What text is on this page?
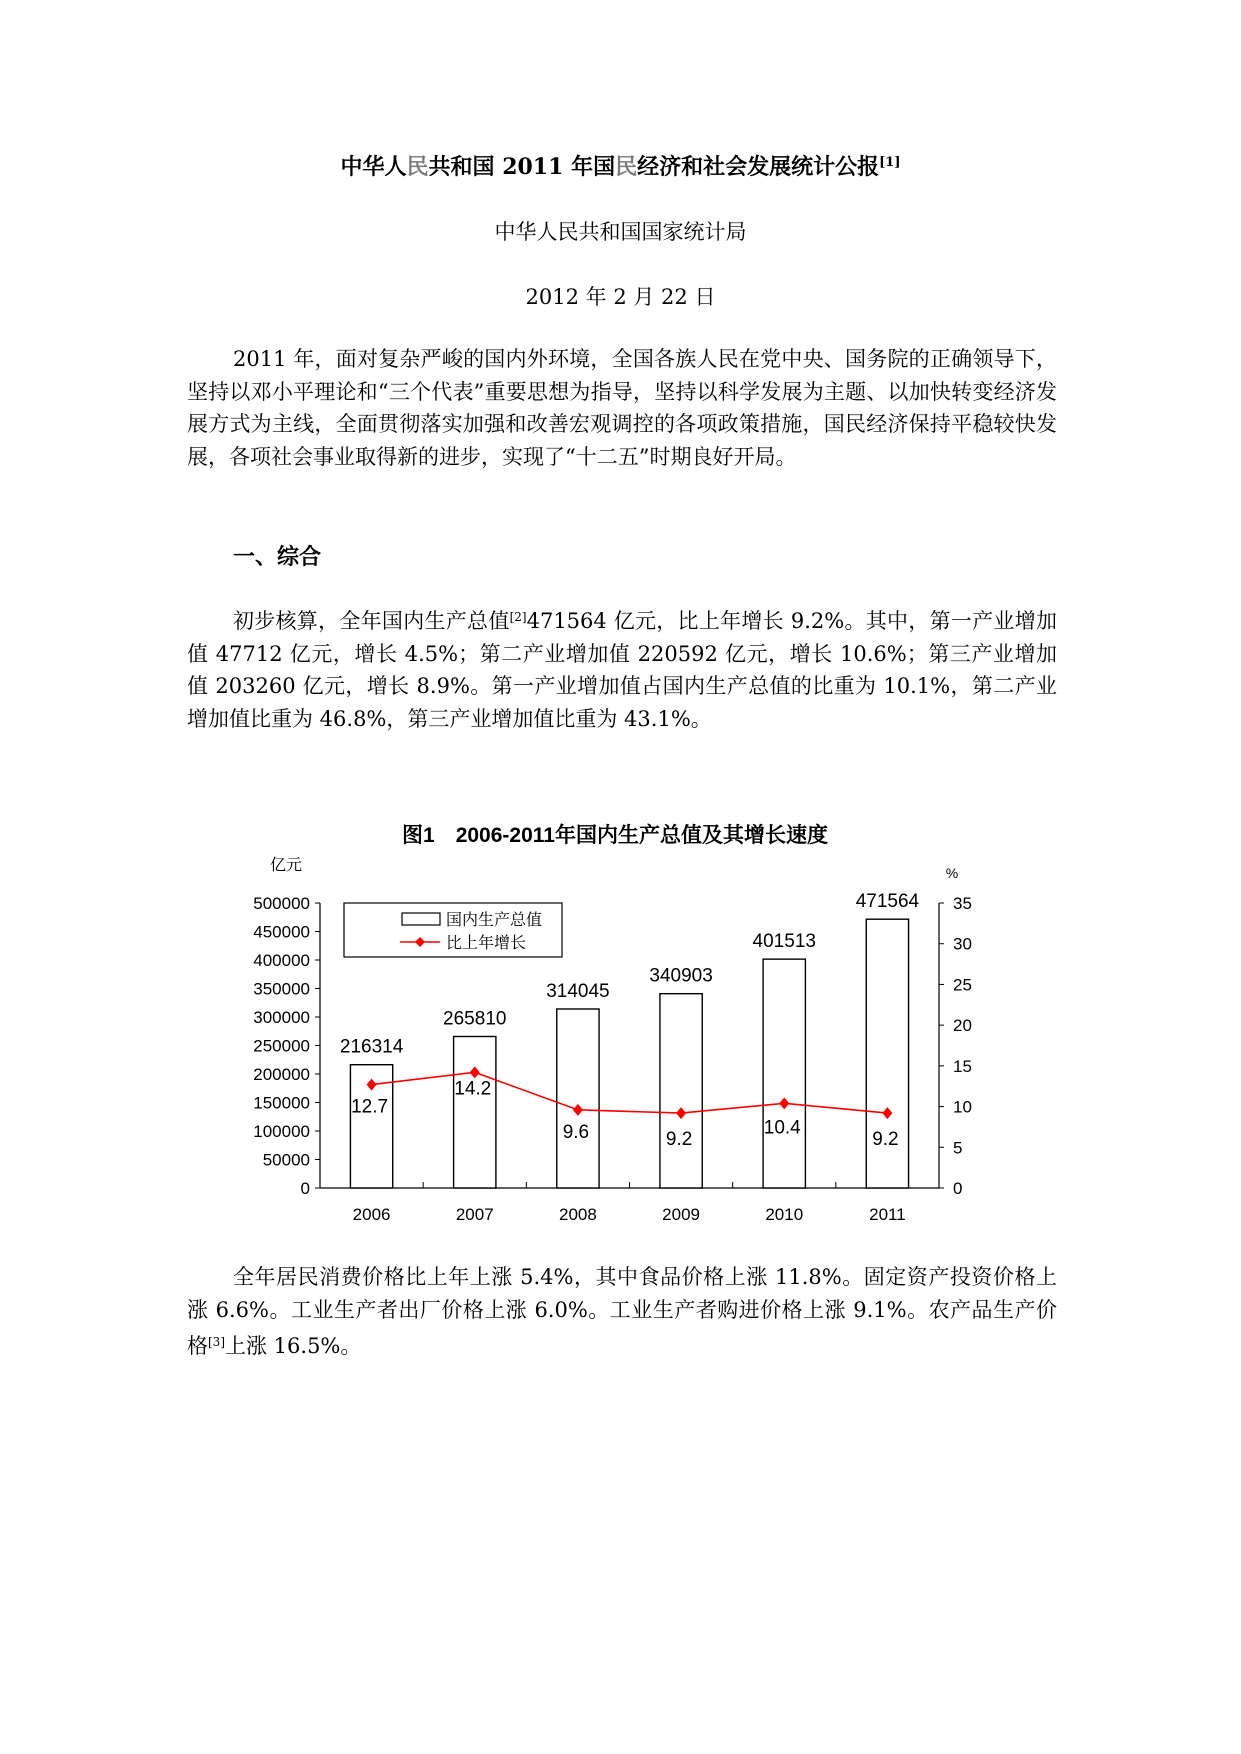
中华人民共和国 2011 年国民经济和社会发展统计公报[1]
中华人民共和国国家统计局
2012 年 2 月 22 日
2011 年，面对复杂严峻的国内外环境，全国各族人民在党中央、国务院的正确领导下，坚持以邓小平理论和“三个代表”重要思想为指导，坚持以科学发展为主题、以加快转变经济发展方式为主线，全面贯彻落实加强和改善宏观调控的各项政策措施，国民经济保持平稳较快发展，各项社会事业取得新的进步，实现了“十二五”时期良好开局。
一、综合
初步核算，全年国内生产总值[2]471564 亿元，比上年增长 9.2%。其中，第一产业增加值 47712 亿元，增长 4.5%；第二产业增加值 220592 亿元，增长 10.6%；第三产业增加值 203260 亿元，增长 8.9%。第一产业增加值占国内生产总值的比重为 10.1%，第二产业增加值比重为 46.8%，第三产业增加值比重为 43.1%。
图1　2006-2011年国内生产总值及其增长速度
亿元	%
0
50000
100000
150000
200000
250000
300000
350000
400000
450000
500000
0
5
10
15
20
25
30
35
2006	2007	2008	2009	2010	2011
216314
265810
314045
340903
401513
471564
12.7
14.2
9.6	9.2
10.4
9.2
国内生产总值
比上年增长
全年居民消费价格比上年上涨 5.4%，其中食品价格上涨 11.8%。固定资产投资价格上涨 6.6%。工业生产者出厂价格上涨 6.0%。工业生产者购进价格上涨 9.1%。农产品生产价格[3]上涨 16.5%。
